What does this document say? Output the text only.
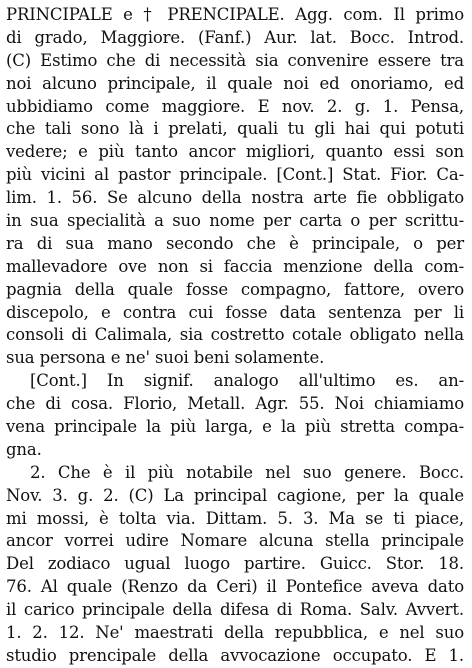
PRINCIPALE e † PRENCIPALE. Agg. com. Il primo
di grado, Maggiore. (Fanf.) Aur. lat. Bocc. Introd.
(C) Estimo che di necessità sia convenire essere tra
noi alcuno principale, il quale noi ed onoriamo, ed
ubbidiamo come maggiore. E nov. 2. g. 1. Pensa,
che tali sono là i prelati, quali tu gli hai qui potuti
vedere; e più tanto ancor migliori, quanto essi son
più vicini al pastor principale. [Cont.] Stat. Fior. Ca-
lim. 1. 56. Se alcuno della nostra arte fie obbligato
in sua specialità a suo nome per carta o per scrittu-
ra di sua mano secondo che è principale, o per
mallevadore ove non si faccia menzione della com-
pagnia della quale fosse compagno, fattore, overo
discepolo, e contra cui fosse data sentenza per li
consoli di Calimala, sia costretto cotale obligato nella
sua persona e ne' suoi beni solamente.
[Cont.] In signif. analogo all'ultimo es. an-
che di cosa. Florio, Metall. Agr. 55. Noi chiamiamo
vena principale la più larga, e la più stretta compa-
gna.
2. Che è il più notabile nel suo genere. Bocc.
Nov. 3. g. 2. (C) La principal cagione, per la quale
mi mossi, è tolta via. Dittam. 5. 3. Ma se ti piace,
ancor vorrei udire Nomare alcuna stella principale
Del zodiaco ugual luogo partire. Guicc. Stor. 18.
76. Al quale (Renzo da Ceri) il Pontefice aveva dato
il carico principale della difesa di Roma. Salv. Avvert.
1. 2. 12. Ne' maestrati della repubblica, e nel suo
studio prencipale della avvocazione occupato. E 1.
